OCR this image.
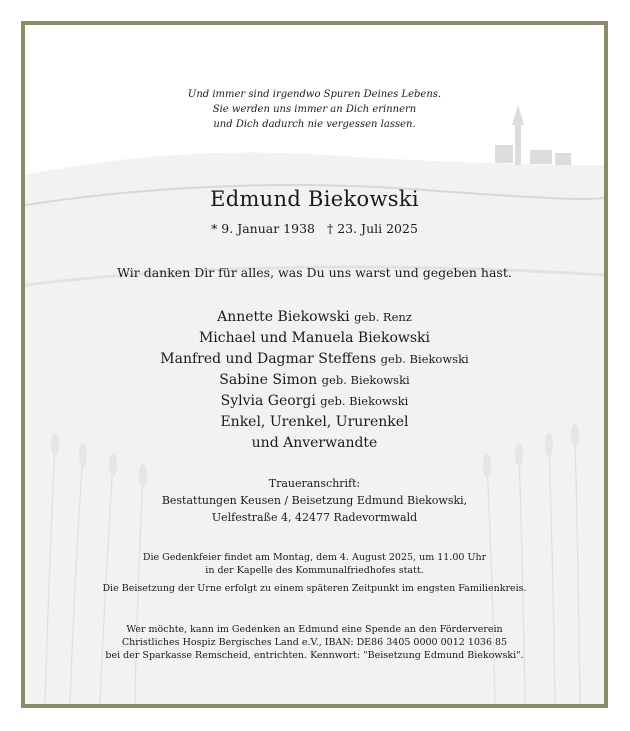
Und immer sind irgendwo Spuren Deines Lebens.
Sie werden uns immer an Dich erinnern
und Dich dadurch nie vergessen lassen.
Edmund Biekowski
* 9. Januar 1938 † 23. Juli 2025
Wir danken Dir für alles, was Du uns warst und gegeben hast.
Annette Biekowski geb. Renz
Michael und Manuela Biekowski
Manfred und Dagmar Steffens geb. Biekowski
Sabine Simon geb. Biekowski
Sylvia Georgi geb. Biekowski
Enkel, Urenkel, Ururenkel
und Anverwandte
Traueranschrift:
Bestattungen Keusen / Beisetzung Edmund Biekowski,
Uelfestraße 4, 42477 Radevormwald
Die Gedenkfeier findet am Montag, dem 4. August 2025, um 11.00 Uhr
in der Kapelle des Kommunalfriedhofes statt.
Die Beisetzung der Urne erfolgt zu einem späteren Zeitpunkt im engsten Familienkreis.
Wer möchte, kann im Gedenken an Edmund eine Spende an den Förderverein
Christliches Hospiz Bergisches Land e.V., IBAN: DE86 3405 0000 0012 1036 85
bei der Sparkasse Remscheid, entrichten. Kennwort: "Beisetzung Edmund Biekowski".
